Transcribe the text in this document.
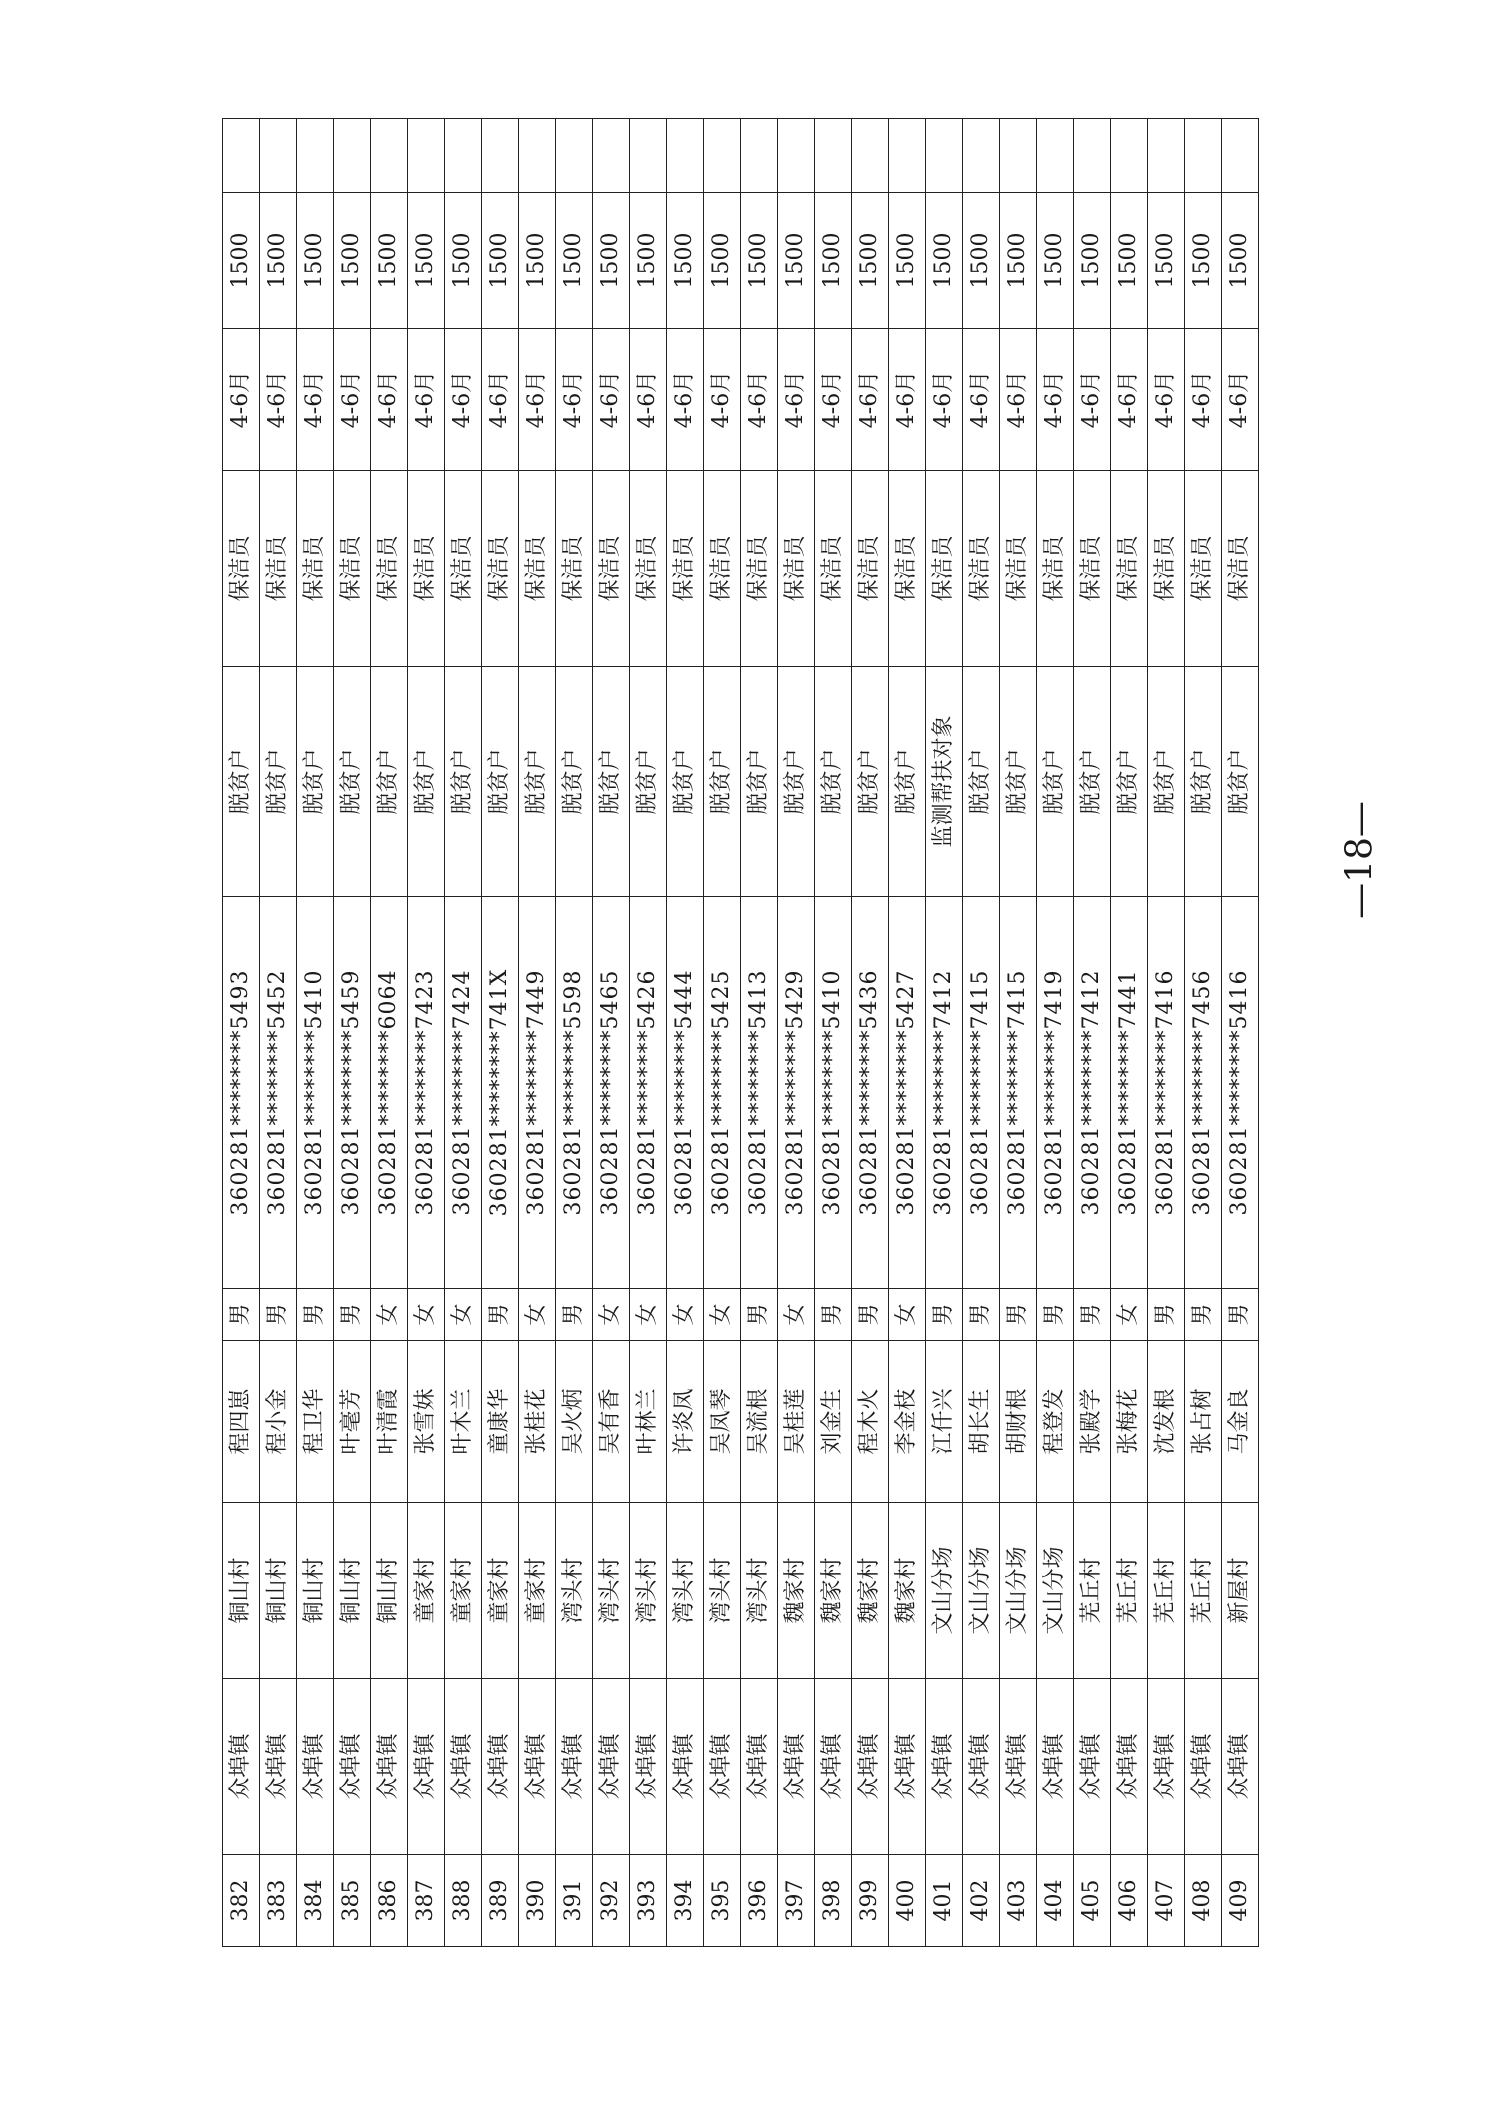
382	众埠镇	铜山村	程四崽	男	360281********5493	脱贫户	保洁员	4-6月	1500	
383	众埠镇	铜山村	程小金	男	360281********5452	脱贫户	保洁员	4-6月	1500	
384	众埠镇	铜山村	程卫华	男	360281********5410	脱贫户	保洁员	4-6月	1500	
385	众埠镇	铜山村	叶毫芳	男	360281********5459	脱贫户	保洁员	4-6月	1500	
386	众埠镇	铜山村	叶清霞	女	360281********6064	脱贫户	保洁员	4-6月	1500	
387	众埠镇	童家村	张雪妹	女	360281********7423	脱贫户	保洁员	4-6月	1500	
388	众埠镇	童家村	叶木兰	女	360281********7424	脱贫户	保洁员	4-6月	1500	
389	众埠镇	童家村	童康华	男	360281********741X	脱贫户	保洁员	4-6月	1500	
390	众埠镇	童家村	张桂花	女	360281********7449	脱贫户	保洁员	4-6月	1500	
391	众埠镇	湾头村	吴火炳	男	360281********5598	脱贫户	保洁员	4-6月	1500	
392	众埠镇	湾头村	吴有香	女	360281********5465	脱贫户	保洁员	4-6月	1500	
393	众埠镇	湾头村	叶林兰	女	360281********5426	脱贫户	保洁员	4-6月	1500	
394	众埠镇	湾头村	许炎凤	女	360281********5444	脱贫户	保洁员	4-6月	1500	
395	众埠镇	湾头村	吴凤琴	女	360281********5425	脱贫户	保洁员	4-6月	1500	
396	众埠镇	湾头村	吴流根	男	360281********5413	脱贫户	保洁员	4-6月	1500	
397	众埠镇	魏家村	吴桂莲	女	360281********5429	脱贫户	保洁员	4-6月	1500	
398	众埠镇	魏家村	刘金生	男	360281********5410	脱贫户	保洁员	4-6月	1500	
399	众埠镇	魏家村	程木火	男	360281********5436	脱贫户	保洁员	4-6月	1500	
400	众埠镇	魏家村	李金枝	女	360281********5427	脱贫户	保洁员	4-6月	1500	
401	众埠镇	文山分场	江仟兴	男	360281********7412	监测帮扶对象	保洁员	4-6月	1500	
402	众埠镇	文山分场	胡长生	男	360281********7415	脱贫户	保洁员	4-6月	1500	
403	众埠镇	文山分场	胡财根	男	360281********7415	脱贫户	保洁员	4-6月	1500	
404	众埠镇	文山分场	程登发	男	360281********7419	脱贫户	保洁员	4-6月	1500	
405	众埠镇	芜丘村	张殿学	男	360281********7412	脱贫户	保洁员	4-6月	1500	
406	众埠镇	芜丘村	张梅花	女	360281********7441	脱贫户	保洁员	4-6月	1500	
407	众埠镇	芜丘村	沈发根	男	360281********7416	脱贫户	保洁员	4-6月	1500	
408	众埠镇	芜丘村	张占树	男	360281********7456	脱贫户	保洁员	4-6月	1500	
409	众埠镇	新屋村	马金良	男	360281********5416	脱贫户	保洁员	4-6月	1500	
—18—
